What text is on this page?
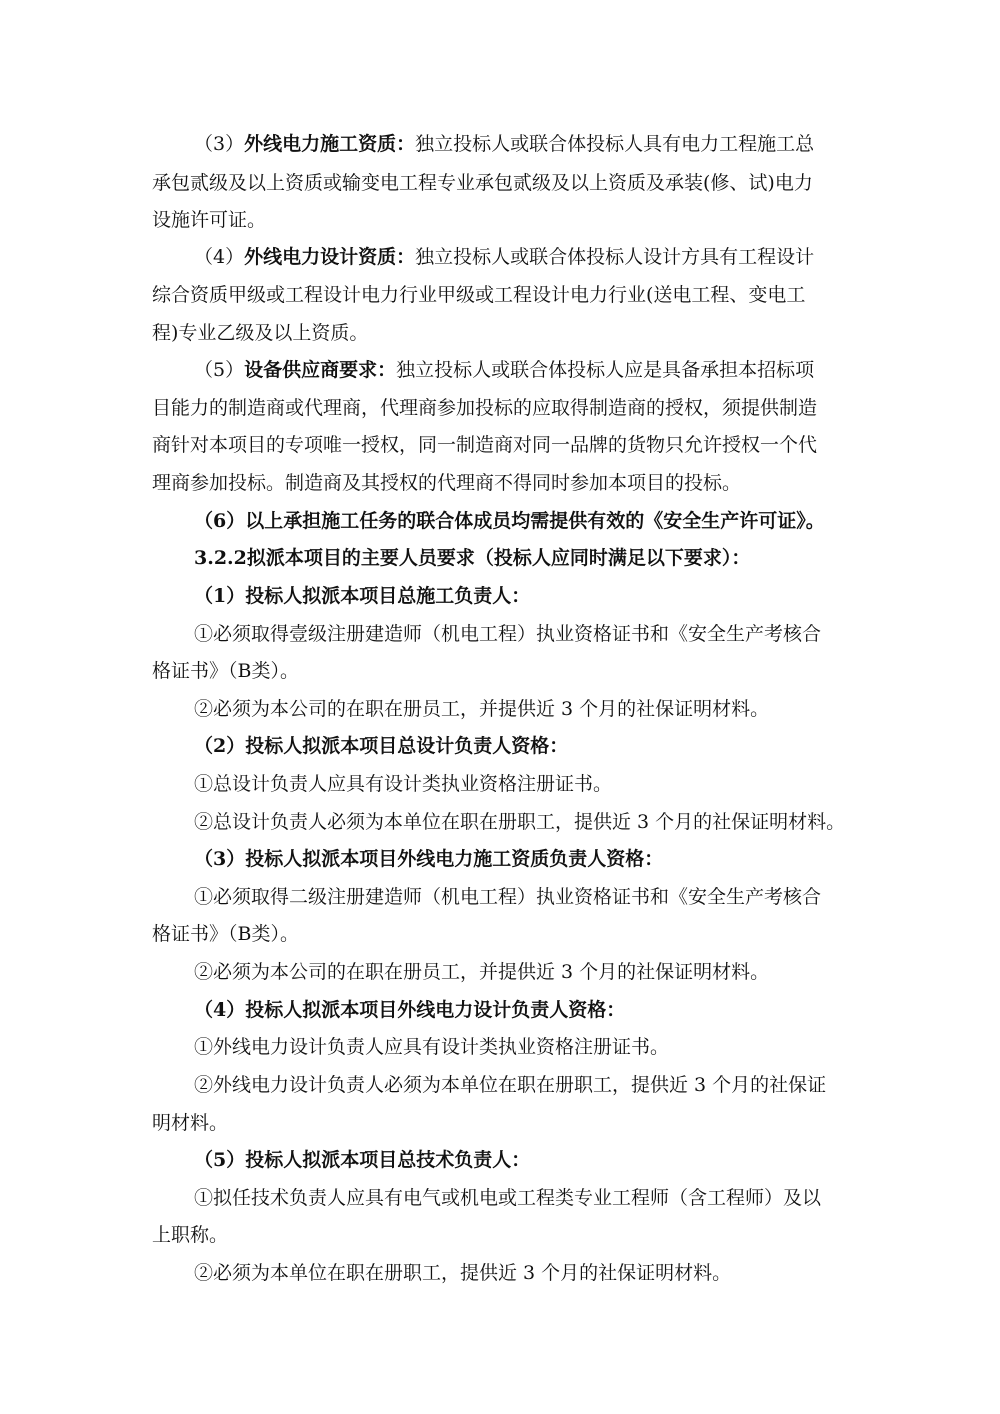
（3）外线电力施工资质：独立投标人或联合体投标人具有电力工程施工总
承包贰级及以上资质或输变电工程专业承包贰级及以上资质及承装(修、试)电力
设施许可证。
（4）外线电力设计资质：独立投标人或联合体投标人设计方具有工程设计
综合资质甲级或工程设计电力行业甲级或工程设计电力行业(送电工程、变电工
程)专业乙级及以上资质。
（5）设备供应商要求：独立投标人或联合体投标人应是具备承担本招标项
目能力的制造商或代理商，代理商参加投标的应取得制造商的授权，须提供制造
商针对本项目的专项唯一授权，同一制造商对同一品牌的货物只允许授权一个代
理商参加投标。制造商及其授权的代理商不得同时参加本项目的投标。
（6）以上承担施工任务的联合体成员均需提供有效的《安全生产许可证》。
3.2.2拟派本项目的主要人员要求（投标人应同时满足以下要求）：
（1）投标人拟派本项目总施工负责人：
①必须取得壹级注册建造师（机电工程）执业资格证书和《安全生产考核合
格证书》（B类）。
②必须为本公司的在职在册员工，并提供近 3 个月的社保证明材料。
（2）投标人拟派本项目总设计负责人资格：
①总设计负责人应具有设计类执业资格注册证书。
②总设计负责人必须为本单位在职在册职工，提供近 3 个月的社保证明材料。
（3）投标人拟派本项目外线电力施工资质负责人资格：
①必须取得二级注册建造师（机电工程）执业资格证书和《安全生产考核合
格证书》（B类）。
②必须为本公司的在职在册员工，并提供近 3 个月的社保证明材料。
（4）投标人拟派本项目外线电力设计负责人资格：
①外线电力设计负责人应具有设计类执业资格注册证书。
②外线电力设计负责人必须为本单位在职在册职工，提供近 3 个月的社保证
明材料。
（5）投标人拟派本项目总技术负责人：
①拟任技术负责人应具有电气或机电或工程类专业工程师（含工程师）及以
上职称。
②必须为本单位在职在册职工，提供近 3 个月的社保证明材料。
